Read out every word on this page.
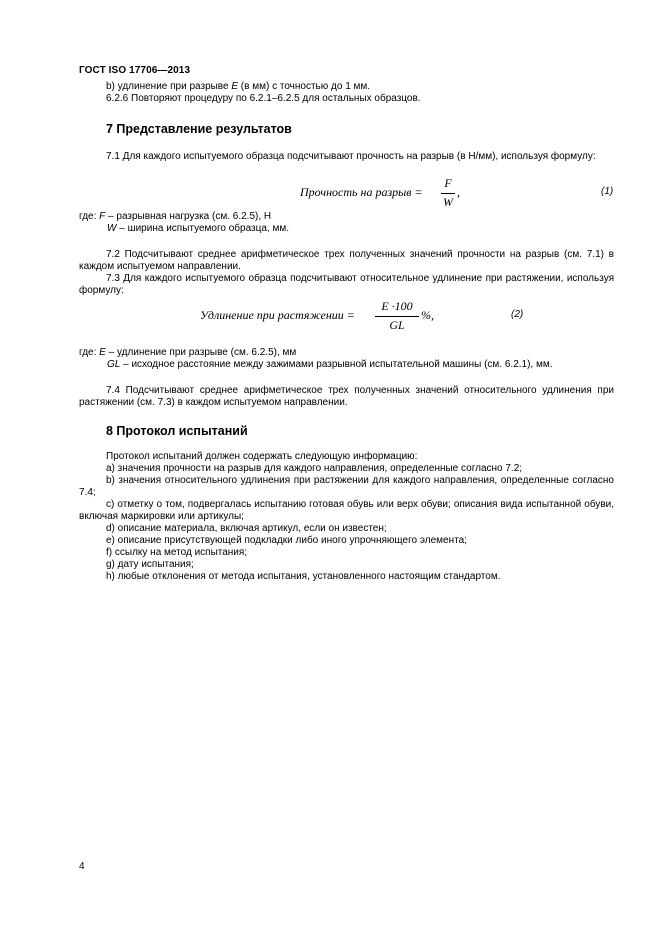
ГОСТ ISO 17706—2013

b) удлинение при разрыве E (в мм) с точностью до 1 мм.

6.2.6 Повторяют процедуру по 6.2.1–6.2.5 для остальных образцов.

7 Представление результатов

7.1 Для каждого испытуемого образца подсчитывают прочность на разрыв (в Н/мм), используя формулу:

Прочность на разрыв =
F
W
,	(1)

где: F – разрывная нагрузка (см. 6.2.5), Н

W – ширина испытуемого образца, мм.

7.2 Подсчитывают среднее арифметическое трех полученных значений прочности на разрыв (см. 7.1) в каждом испытуемом направлении.

7.3 Для каждого испытуемого образца подсчитывают относительное удлинение при растяжении, используя формулу:

Удлинение при растяжении =
E ·100
GL
%,	(2)

где: E – удлинение при разрыве (см. 6.2.5), мм

GL – исходное расстояние между зажимами разрывной испытательной машины (см. 6.2.1), мм.

7.4 Подсчитывают среднее арифметическое трех полученных значений относительного удлинения при растяжении (см. 7.3) в каждом испытуемом направлении.

8 Протокол испытаний

Протокол испытаний должен содержать следующую информацию:

а) значения прочности на разрыв для каждого направления, определенные согласно 7.2;

b) значения относительного удлинения при растяжении для каждого направления, определенные согласно 7.4;

c) отметку о том, подвергалась испытанию готовая обувь или верх обуви; описания вида испытанной обуви, включая маркировки или артикулы;

d) описание материала, включая артикул, если он известен;

e) описание присутствующей подкладки либо иного упрочняющего элемента;

f) ссылку на метод испытания;

g) дату испытания;

h) любые отклонения от метода испытания, установленного настоящим стандартом.

4
